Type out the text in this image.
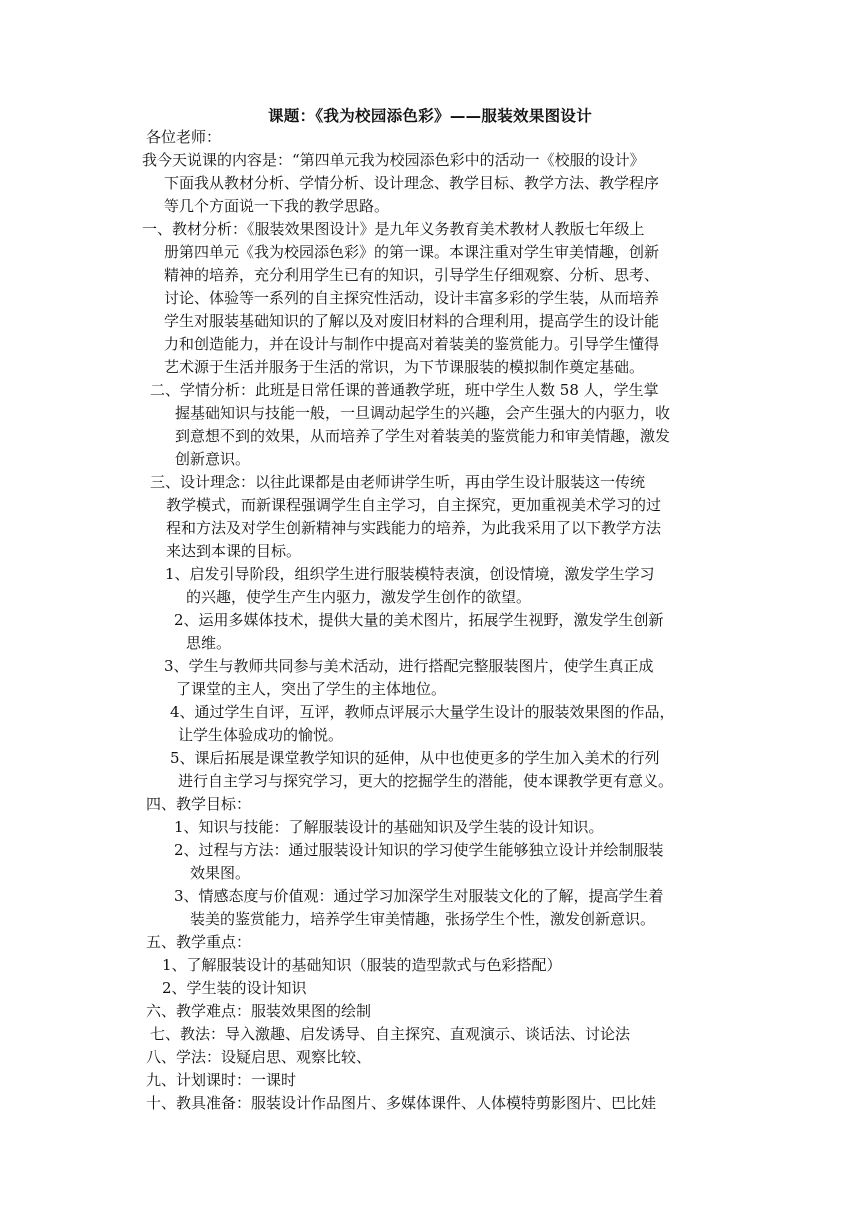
课题：《我为校园添色彩》——服装效果图设计
各位老师：
我今天说课的内容是：“第四单元我为校园添色彩中的活动一《校服的设计》
下面我从教材分析、学情分析、设计理念、教学目标、教学方法、教学程序
等几个方面说一下我的教学思路。
一、教材分析：《服装效果图设计》是九年义务教育美术教材人教版七年级上
册第四单元《我为校园添色彩》的第一课。本课注重对学生审美情趣，创新
精神的培养，充分利用学生已有的知识，引导学生仔细观察、分析、思考、
讨论、体验等一系列的自主探究性活动，设计丰富多彩的学生装，从而培养
学生对服装基础知识的了解以及对废旧材料的合理利用，提高学生的设计能
力和创造能力，并在设计与制作中提高对着装美的鉴赏能力。引导学生懂得
艺术源于生活并服务于生活的常识，为下节课服装的模拟制作奠定基础。
二、学情分析：此班是日常任课的普通教学班，班中学生人数 58 人，学生掌
握基础知识与技能一般，一旦调动起学生的兴趣，会产生强大的内驱力，收
到意想不到的效果，从而培养了学生对着装美的鉴赏能力和审美情趣，激发
创新意识。
三、设计理念：以往此课都是由老师讲学生听，再由学生设计服装这一传统
教学模式，而新课程强调学生自主学习，自主探究，更加重视美术学习的过
程和方法及对学生创新精神与实践能力的培养，为此我采用了以下教学方法
来达到本课的目标。
1、启发引导阶段，组织学生进行服装模特表演，创设情境，激发学生学习
的兴趣，使学生产生内驱力，激发学生创作的欲望。
2、运用多媒体技术，提供大量的美术图片，拓展学生视野，激发学生创新
思维。
3、学生与教师共同参与美术活动，进行搭配完整服装图片，使学生真正成
了课堂的主人，突出了学生的主体地位。
4、通过学生自评，互评，教师点评展示大量学生设计的服装效果图的作品，
让学生体验成功的愉悦。
5、课后拓展是课堂教学知识的延伸，从中也使更多的学生加入美术的行列
进行自主学习与探究学习，更大的挖掘学生的潜能，使本课教学更有意义。
四、教学目标：
1、知识与技能：了解服装设计的基础知识及学生装的设计知识。
2、过程与方法：通过服装设计知识的学习使学生能够独立设计并绘制服装
效果图。
3、情感态度与价值观：通过学习加深学生对服装文化的了解，提高学生着
装美的鉴赏能力，培养学生审美情趣，张扬学生个性，激发创新意识。
五、教学重点：
1、了解服装设计的基础知识（服装的造型款式与色彩搭配）
2、学生装的设计知识
六、教学难点：服装效果图的绘制
七、教法：导入激趣、启发诱导、自主探究、直观演示、谈话法、讨论法
八、学法：设疑启思、观察比较、
九、计划课时：一课时
十、教具准备：服装设计作品图片、多媒体课件、人体模特剪影图片、巴比娃
